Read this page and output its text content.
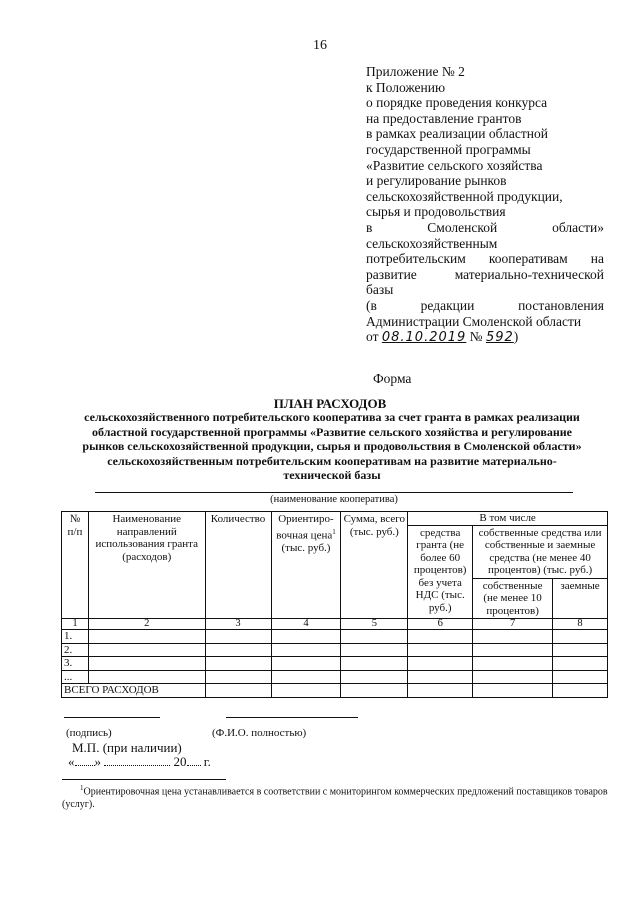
16
Приложение № 2
к Положению
о порядке проведения конкурса
на предоставление грантов
в рамках реализации областной
государственной программы
«Развитие сельского хозяйства
и регулирование рынков
сельскохозяйственной продукции,
сырья и продовольствия
в	Смоленской	области»
сельскохозяйственным
потребительским кооперативам на
развитие	материально-технической
базы
(в	редакции	постановления
Администрации Смоленской области
от 08.10.2019 № 592)
Форма
ПЛАН РАСХОДОВ
сельскохозяйственного потребительского кооператива за счет гранта в рамках реализации
областной государственной программы «Развитие сельского хозяйства и регулирование
рынков сельскохозяйственной продукции, сырья и продовольствия в Смоленской области»
сельскохозяйственным потребительским кооперативам на развитие материально-
технической базы
(наименование кооператива)
№ п/п	Наименование направлений использования гранта (расходов)	Количество	Ориентиро-вочная цена$^1$ (тыс. руб.)	Сумма, всего (тыс. руб.)	В том числе		
					средства гранта (не более 60 процентов) без учета НДС (тыс. руб.)	собственные средства или собственные и заемные средства (не менее 40 процентов) (тыс. руб.)	
						собственные (не менее 10 процентов)	заемные
1	2	3	4	5	6	7	8
1.							
2.							
3.							
...							
ВСЕГО РАСХОДОВ							
(подпись)	(Ф.И.О. полностью)
М.П. (при наличии)
« »	20 г.
$^1$Ориентировочная цена устанавливается в соответствии с мониторингом коммерческих предложений поставщиков товаров (услуг).
